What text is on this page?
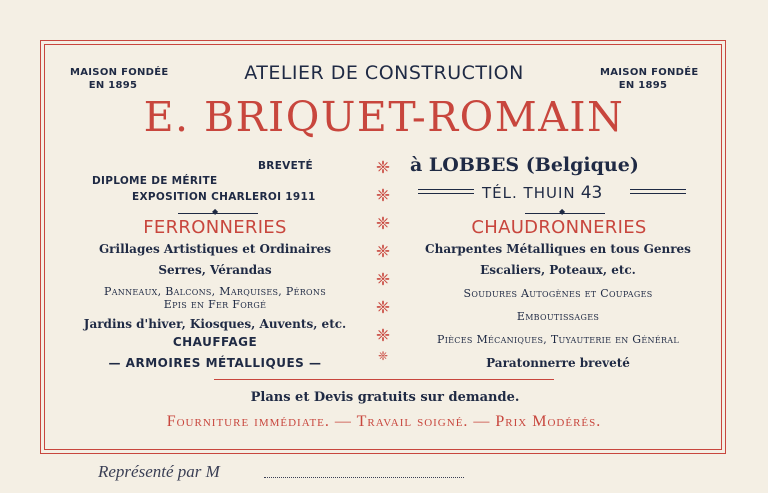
MAISON FONDÉE
EN 1895
MAISON FONDÉE
EN 1895
ATELIER DE CONSTRUCTION
E. BRIQUET-ROMAIN
BREVETÉ
DIPLOME DE MÉRITE
EXPOSITION CHARLEROI 1911
à LOBBES (Belgique)
TÉL. THUIN 43
◆	◆
❈
❈
❈
❈
❈
❈
❈
❈
FERRONNERIES
Grillages Artistiques et Ordinaires
Serres, Vérandas
Panneaux, Balcons, Marquises, Pérons
Epis en Fer Forgé
Jardins d'hiver, Kiosques, Auvents, etc.
CHAUFFAGE
— ARMOIRES MÉTALLIQUES —
CHAUDRONNERIES
Charpentes Métalliques en tous Genres
Escaliers, Poteaux, etc.
Soudures Autogènes et Coupages
Emboutissages
Pièces Mécaniques, Tuyauterie en Général
Paratonnerre breveté
Plans et Devis gratuits sur demande.
Fourniture immédiate. — Travail soigné. — Prix Modérés.
Représenté par M
